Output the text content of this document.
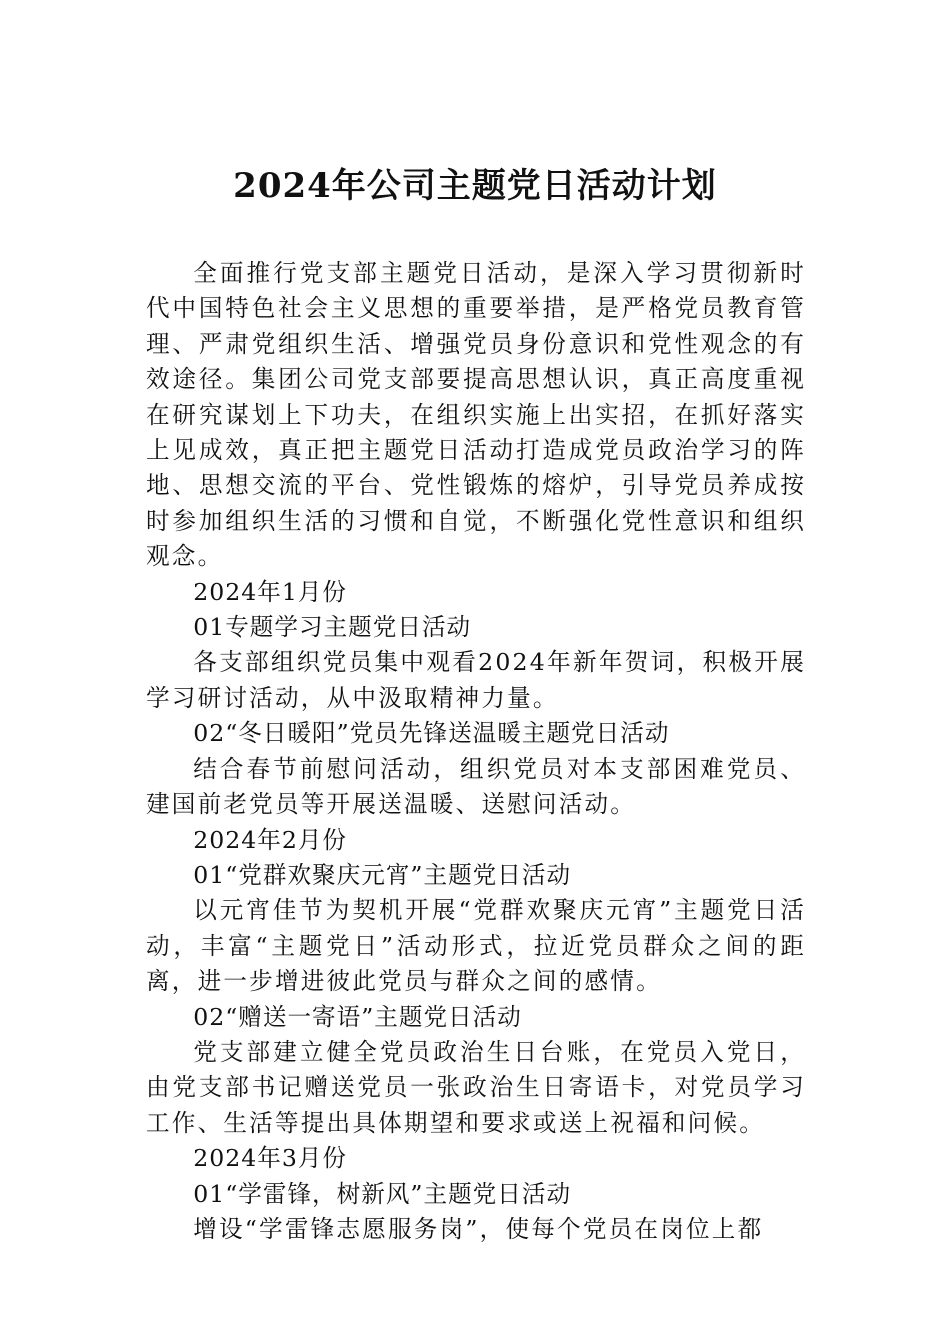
2024年公司主题党日活动计划

全面推行党支部主题党日活动，是深入学习贯彻新时代中国特色社会主义思想的重要举措，是严格党员教育管理、严肃党组织生活、增强党员身份意识和党性观念的有效途径。集团公司党支部要提高思想认识，真正高度重视在研究谋划上下功夫，在组织实施上出实招，在抓好落实上见成效，真正把主题党日活动打造成党员政治学习的阵地、思想交流的平台、党性锻炼的熔炉，引导党员养成按时参加组织生活的习惯和自觉，不断强化党性意识和组织观念。

2024年1月份

01专题学习主题党日活动

各支部组织党员集中观看2024年新年贺词，积极开展学习研讨活动，从中汲取精神力量。

02“冬日暖阳”党员先锋送温暖主题党日活动

结合春节前慰问活动，组织党员对本支部困难党员、建国前老党员等开展送温暖、送慰问活动。

2024年2月份

01“党群欢聚庆元宵”主题党日活动

以元宵佳节为契机开展“党群欢聚庆元宵”主题党日活动，丰富“主题党日”活动形式，拉近党员群众之间的距离，进一步增进彼此党员与群众之间的感情。

02“赠送一寄语”主题党日活动

党支部建立健全党员政治生日台账，在党员入党日，由党支部书记赠送党员一张政治生日寄语卡，对党员学习工作、生活等提出具体期望和要求或送上祝福和问候。

2024年3月份

01“学雷锋，树新风”主题党日活动

增设“学雷锋志愿服务岗”，使每个党员在岗位上都
